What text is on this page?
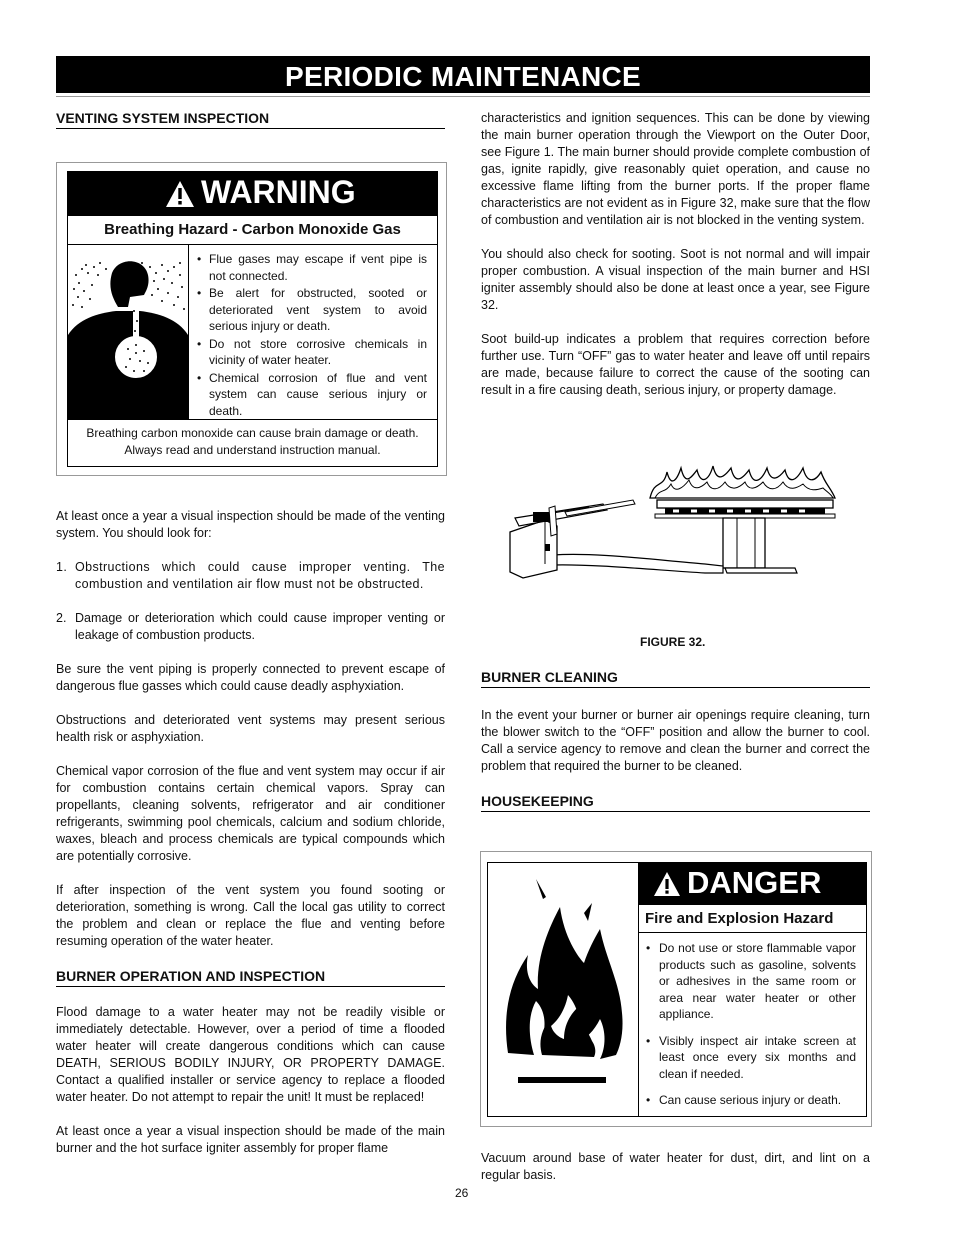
PERIODIC MAINTENANCE
VENTING SYSTEM INSPECTION
WARNING
Breathing Hazard - Carbon Monoxide Gas
• Flue gases may escape if vent pipe is not connected.
• Be alert for obstructed, sooted or deteriorated vent system to avoid serious injury or death.
• Do not store corrosive chemicals in vicinity of water heater.
• Chemical corrosion of flue and vent system can cause serious injury or death.
Breathing carbon monoxide can cause brain damage or death.
Always read and understand instruction manual.

At least once a year a visual inspection should be made of the venting system. You should look for:

1. Obstructions which could cause improper venting. The combustion and ventilation air flow must not be obstructed.
2. Damage or deterioration which could cause improper venting or leakage of combustion products.

Be sure the vent piping is properly connected to prevent escape of dangerous flue gasses which could cause deadly asphyxiation.

Obstructions and deteriorated vent systems may present serious health risk or asphyxiation.

Chemical vapor corrosion of the flue and vent system may occur if air for combustion contains certain chemical vapors. Spray can propellants, cleaning solvents, refrigerator and air conditioner refrigerants, swimming pool chemicals, calcium and sodium chloride, waxes, bleach and process chemicals are typical compounds which are potentially corrosive.

If after inspection of the vent system you found sooting or deterioration, something is wrong. Call the local gas utility to correct the problem and clean or replace the flue and venting before resuming operation of the water heater.

BURNER OPERATION AND INSPECTION

Flood damage to a water heater may not be readily visible or immediately detectable. However, over a period of time a flooded water heater will create dangerous conditions which can cause DEATH, SERIOUS BODILY INJURY, OR PROPERTY DAMAGE. Contact a qualified installer or service agency to replace a flooded water heater. Do not attempt to repair the unit! It must be replaced!

At least once a year a visual inspection should be made of the main burner and the hot surface igniter assembly for proper flame

characteristics and ignition sequences. This can be done by viewing the main burner operation through the Viewport on the Outer Door, see Figure 1. The main burner should provide complete combustion of gas, ignite rapidly, give reasonably quiet operation, and cause no excessive flame lifting from the burner ports. If the proper flame characteristics are not evident as in Figure 32, make sure that the flow of combustion and ventilation air is not blocked in the venting system.

You should also check for sooting. Soot is not normal and will impair proper combustion. A visual inspection of the main burner and HSI igniter assembly should also be done at least once a year, see Figure 32.

Soot build-up indicates a problem that requires correction before further use. Turn “OFF” gas to water heater and leave off until repairs are made, because failure to correct the cause of the sooting can result in a fire causing death, serious injury, or property damage.

FIGURE 32.
BURNER CLEANING

In the event your burner or burner air openings require cleaning, turn the blower switch to the “OFF” position and allow the burner to cool. Call a service agency to remove and clean the burner and correct the problem that required the burner to be cleaned.

HOUSEKEEPING
DANGER
Fire and Explosion Hazard
• Do not use or store flammable vapor products such as gasoline, solvents or adhesives in the same room or area near water heater or other appliance.
• Visibly inspect air intake screen at least once every six months and clean if needed.
• Can cause serious injury or death.

Vacuum around base of water heater for dust, dirt, and lint on a regular basis.

26
